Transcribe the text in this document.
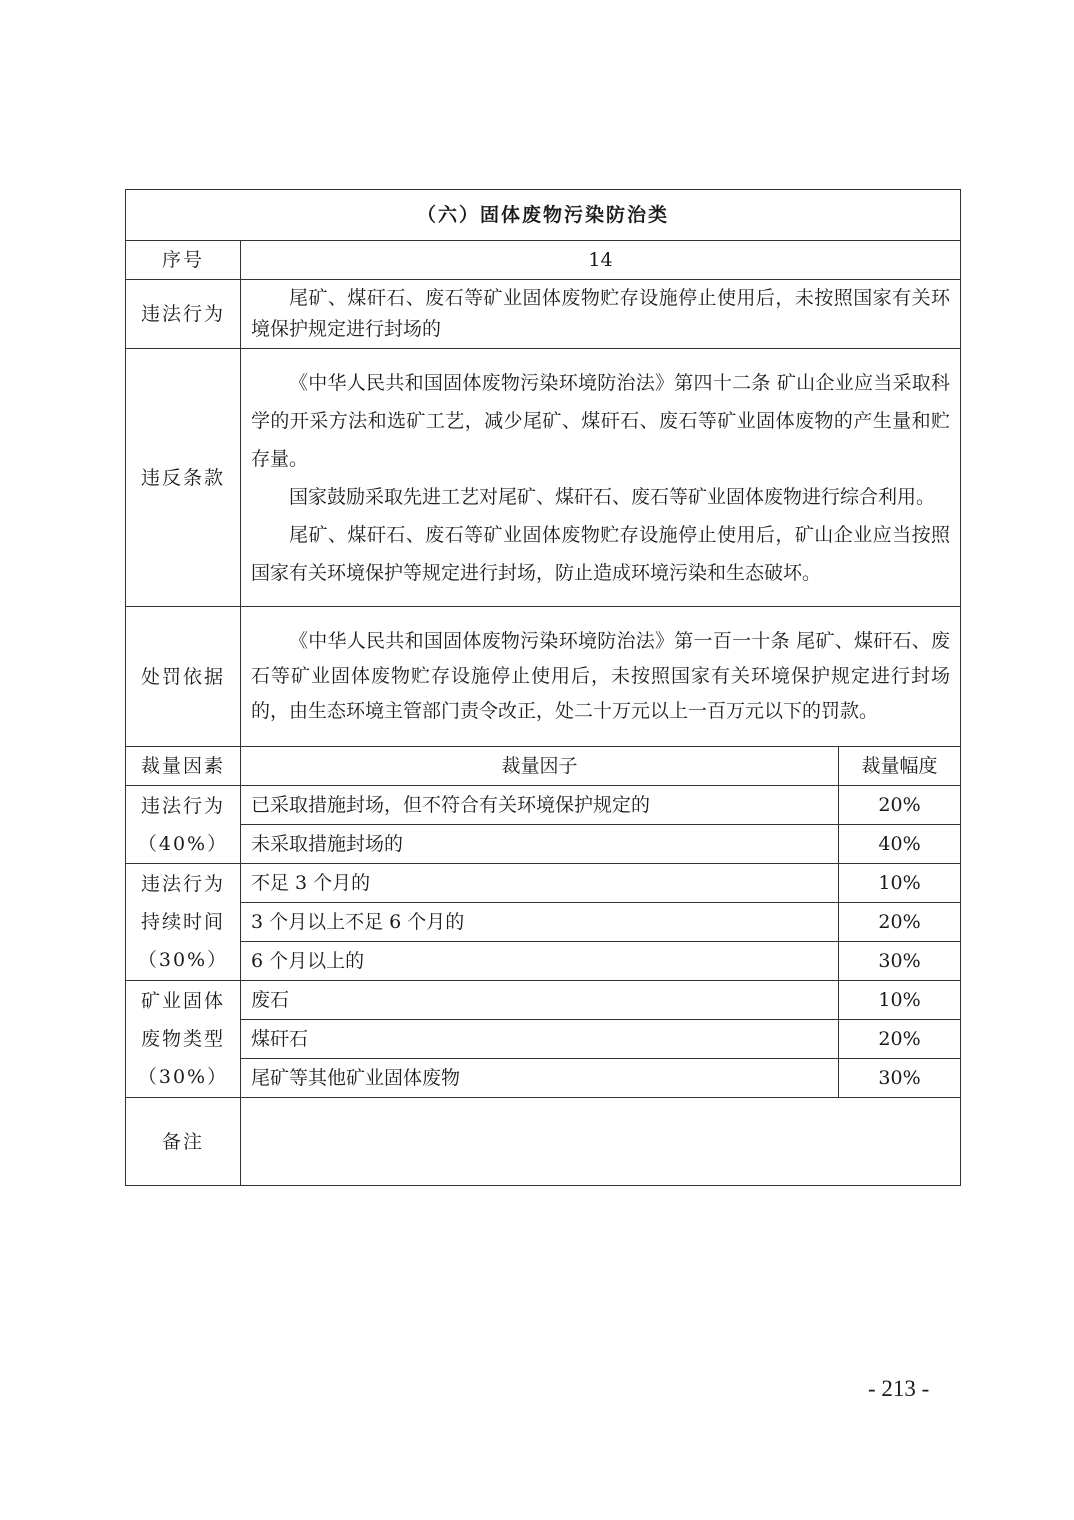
（六）固体废物污染防治类		
序号	14	
违法行为	尾矿、煤矸石、废石等矿业固体废物贮存设施停止使用后，未按照国家有关环境保护规定进行封场的	
违反条款	《中华人民共和国固体废物污染环境防治法》第四十二条 矿山企业应当采取科学的开采方法和选矿工艺，减少尾矿、煤矸石、废石等矿业固体废物的产生量和贮存量。
国家鼓励采取先进工艺对尾矿、煤矸石、废石等矿业固体废物进行综合利用。
尾矿、煤矸石、废石等矿业固体废物贮存设施停止使用后，矿山企业应当按照国家有关环境保护等规定进行封场，防止造成环境污染和生态破坏。	

处罚依据	《中华人民共和国固体废物污染环境防治法》第一百一十条 尾矿、煤矸石、废石等矿业固体废物贮存设施停止使用后，未按照国家有关环境保护规定进行封场的，由生态环境主管部门责令改正，处二十万元以上一百万元以下的罚款。	
裁量因素	裁量因子	裁量幅度

违法行为
（40%）	已采取措施封场，但不符合有关环境保护规定的	20%
	未采取措施封场的	40%

违法行为
持续时间
（30%）	不足 3 个月的	10%
	3 个月以上不足 6 个月的	20%
	6 个月以上的	30%

矿业固体
废物类型
（30%）	废石	10%
	煤矸石	20%
	尾矿等其他矿业固体废物	30%
备注		
- 213 -
